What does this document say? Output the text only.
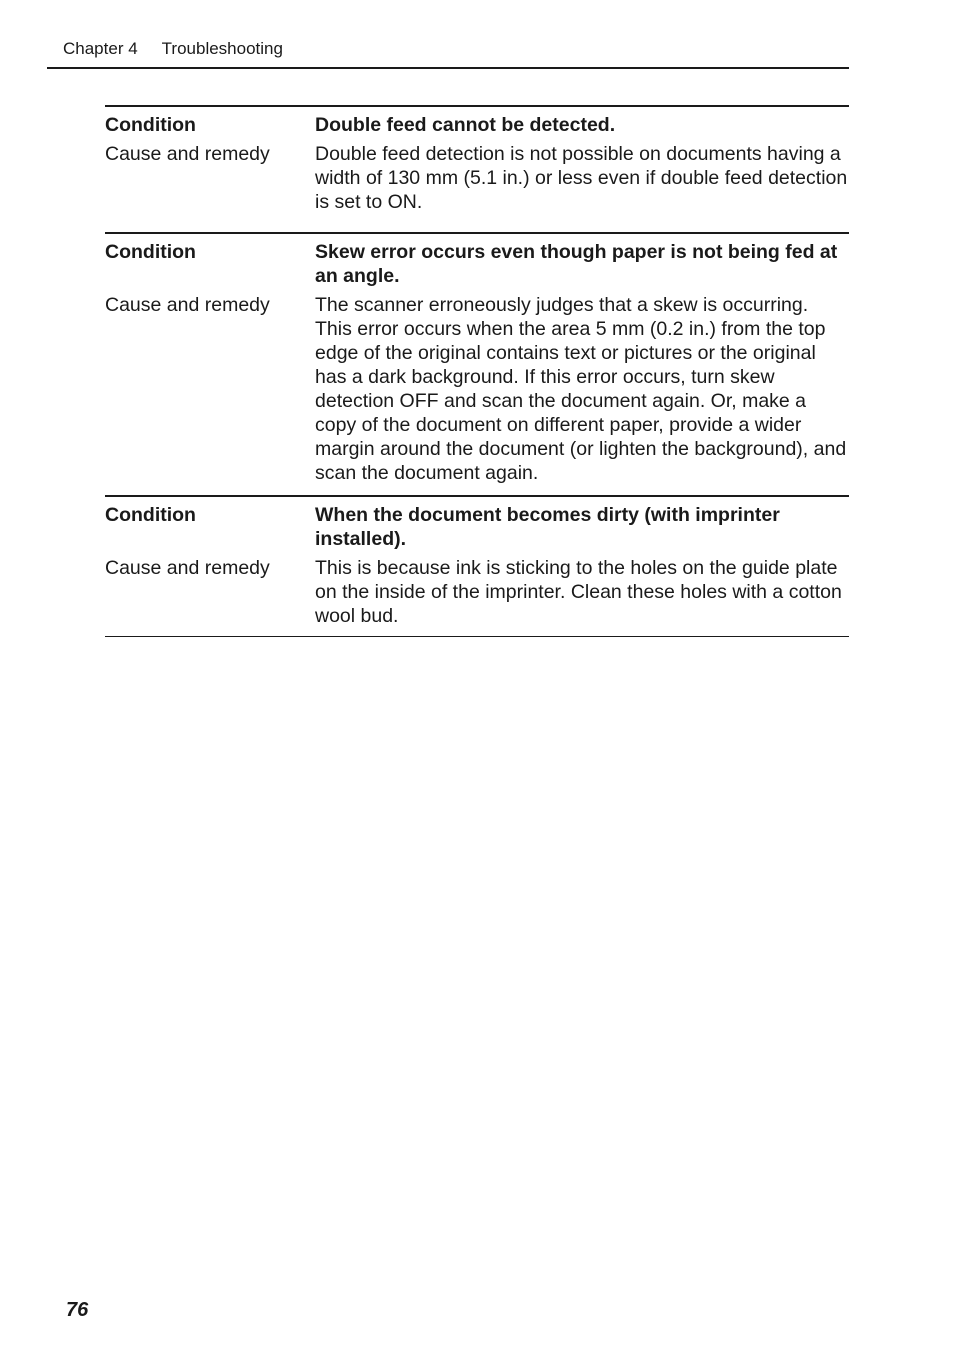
Chapter 4 Troubleshooting
Condition	Double feed cannot be detected.
Cause and remedy	Double feed detection is not possible on documents having a width of 130 mm (5.1 in.) or less even if double feed detection is set to ON.
Condition	Skew error occurs even though paper is not being fed at an angle.
Cause and remedy	The scanner erroneously judges that a skew is occurring. This error occurs when the area 5 mm (0.2 in.) from the top edge of the original contains text or pictures or the original has a dark background. If this error occurs, turn skew detection OFF and scan the document again. Or, make a copy of the document on different paper, provide a wider margin around the document (or lighten the background), and scan the document again.
Condition	When the document becomes dirty (with imprinter installed).
Cause and remedy	This is because ink is sticking to the holes on the guide plate on the inside of the imprinter. Clean these holes with a cotton wool bud.
76
